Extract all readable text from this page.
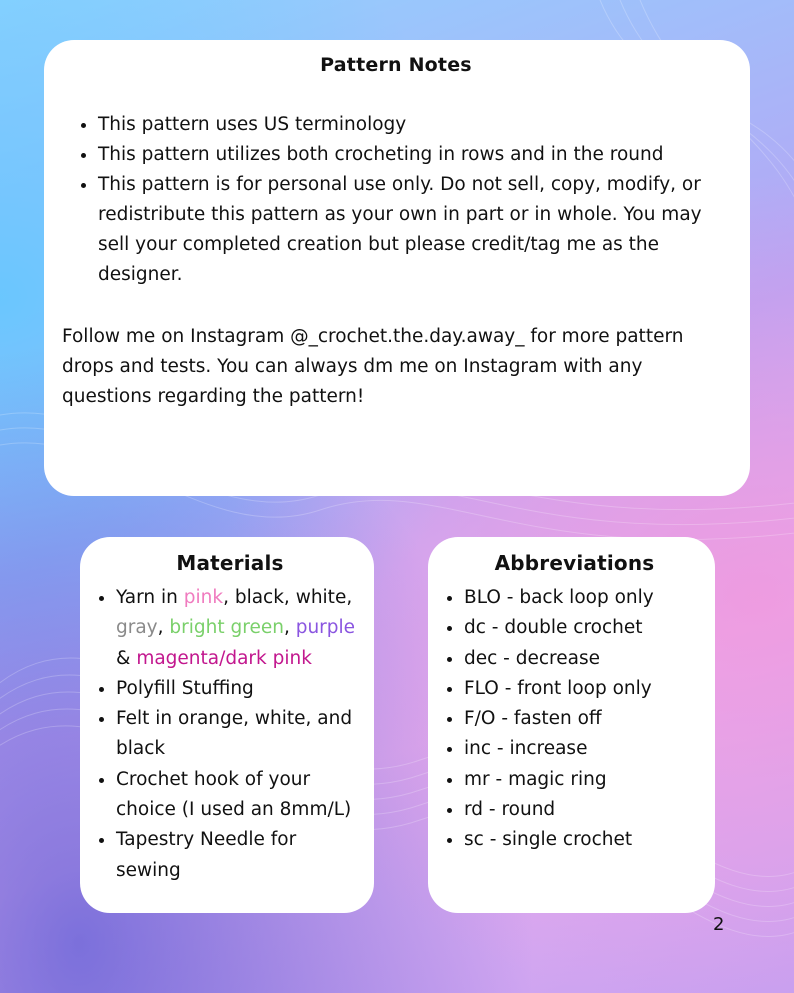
Pattern Notes
• This pattern uses US terminology
• This pattern utilizes both crocheting in rows and in the round
• This pattern is for personal use only. Do not sell, copy, modify, or redistribute this pattern as your own in part or in whole. You may sell your completed creation but please credit/tag me as the designer.

Follow me on Instagram @_crochet.the.day.away_ for more pattern drops and tests. You can always dm me on Instagram with any questions regarding the pattern!

Materials
• Yarn in pink, black, white, gray, bright green, purple & magenta/dark pink
• Polyfill Stuffing
• Felt in orange, white, and black
• Crochet hook of your choice (I used an 8mm/L)
• Tapestry Needle for sewing
Abbreviations
• BLO - back loop only
• dc - double crochet
• dec - decrease
• FLO - front loop only
• F/O - fasten off
• inc - increase
• mr - magic ring
• rd - round
• sc - single crochet
2
